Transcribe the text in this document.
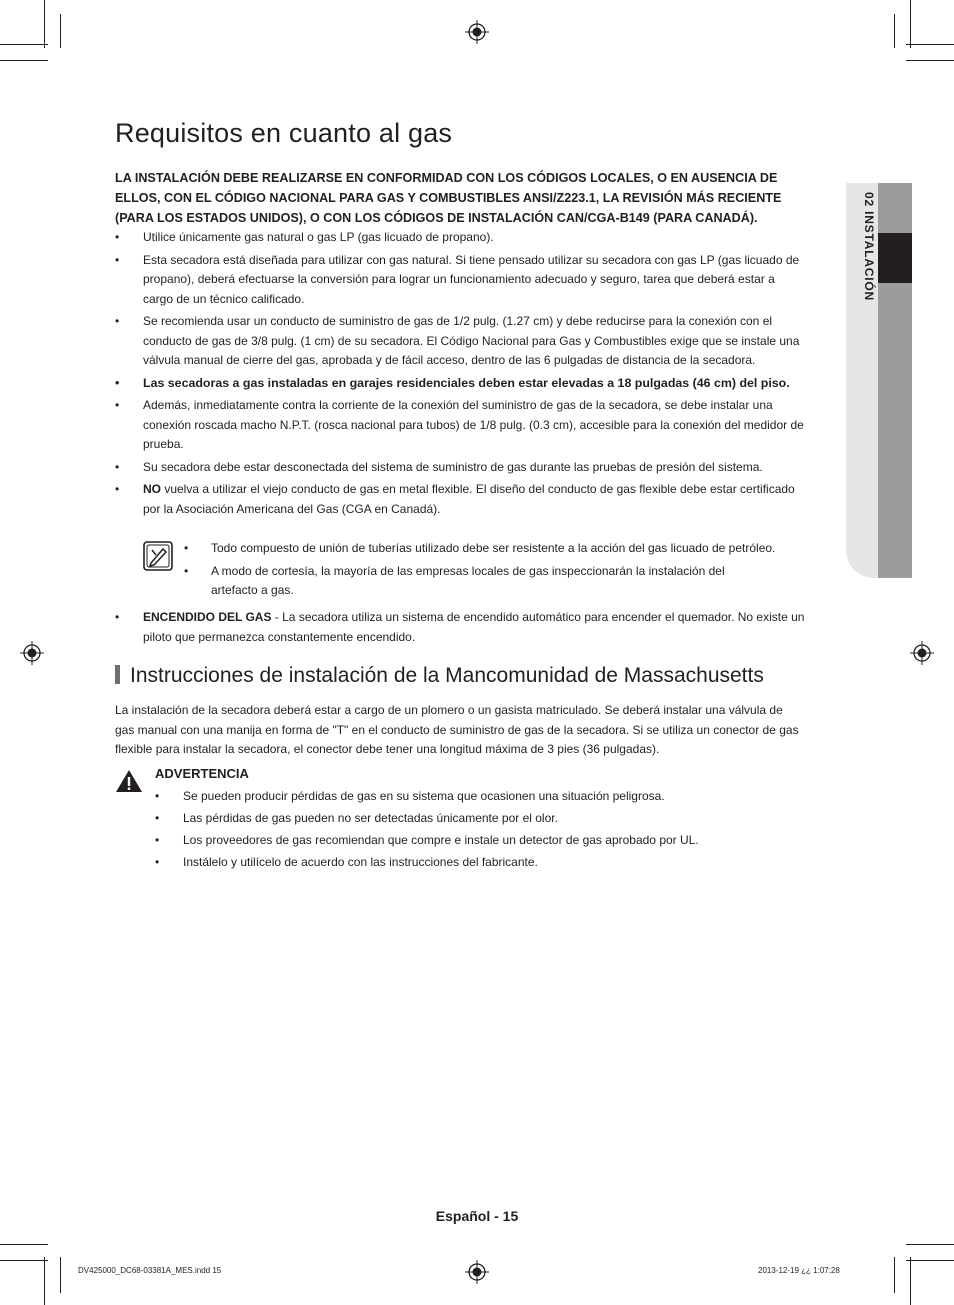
02 INSTALACIÓN
Requisitos en cuanto al gas

LA INSTALACIÓN DEBE REALIZARSE EN CONFORMIDAD CON LOS CÓDIGOS LOCALES, O EN AUSENCIA DE ELLOS, CON EL CÓDIGO NACIONAL PARA GAS Y COMBUSTIBLES ANSI/Z223.1, LA REVISIÓN MÁS RECIENTE (PARA LOS ESTADOS UNIDOS), O CON LOS CÓDIGOS DE INSTALACIÓN CAN/CGA-B149 (PARA CANADÁ).

• Utilice únicamente gas natural o gas LP (gas licuado de propano).
• Esta secadora está diseñada para utilizar con gas natural. Si tiene pensado utilizar su secadora con gas LP (gas licuado de propano), deberá efectuarse la conversión para lograr un funcionamiento adecuado y seguro, tarea que deberá estar a cargo de un técnico calificado.
• Se recomienda usar un conducto de suministro de gas de 1/2 pulg. (1.27 cm) y debe reducirse para la conexión con el conducto de gas de 3/8 pulg. (1 cm) de su secadora. El Código Nacional para Gas y Combustibles exige que se instale una válvula manual de cierre del gas, aprobada y de fácil acceso, dentro de las 6 pulgadas de distancia de la secadora.
• Las secadoras a gas instaladas en garajes residenciales deben estar elevadas a 18 pulgadas (46 cm) del piso.
• Además, inmediatamente contra la corriente de la conexión del suministro de gas de la secadora, se debe instalar una conexión roscada macho N.P.T. (rosca nacional para tubos) de 1/8 pulg. (0.3 cm), accesible para la conexión del medidor de prueba.
• Su secadora debe estar desconectada del sistema de suministro de gas durante las pruebas de presión del sistema.
• NO vuelva a utilizar el viejo conducto de gas en metal flexible. El diseño del conducto de gas flexible debe estar certificado por la Asociación Americana del Gas (CGA en Canadá).
• Todo compuesto de unión de tuberías utilizado debe ser resistente a la acción del gas licuado de petróleo.
• A modo de cortesía, la mayoría de las empresas locales de gas inspeccionarán la instalación del artefacto a gas.
• ENCENDIDO DEL GAS - La secadora utiliza un sistema de encendido automático para encender el quemador. No existe un piloto que permanezca constantemente encendido.
Instrucciones de instalación de la Mancomunidad de Massachusetts

La instalación de la secadora deberá estar a cargo de un plomero o un gasista matriculado. Se deberá instalar una válvula de gas manual con una manija en forma de "T" en el conducto de suministro de gas de la secadora. Si se utiliza un conector de gas flexible para instalar la secadora, el conector debe tener una longitud máxima de 3 pies (36 pulgadas).

ADVERTENCIA
• Se pueden producir pérdidas de gas en su sistema que ocasionen una situación peligrosa.
• Las pérdidas de gas pueden no ser detectadas únicamente por el olor.
• Los proveedores de gas recomiendan que compre e instale un detector de gas aprobado por UL.
• Instálelo y utilícelo de acuerdo con las instrucciones del fabricante.
Español - 15
DV425000_DC68-03381A_MES.indd 15	2013-12-19 ¿¿ 1:07:28
